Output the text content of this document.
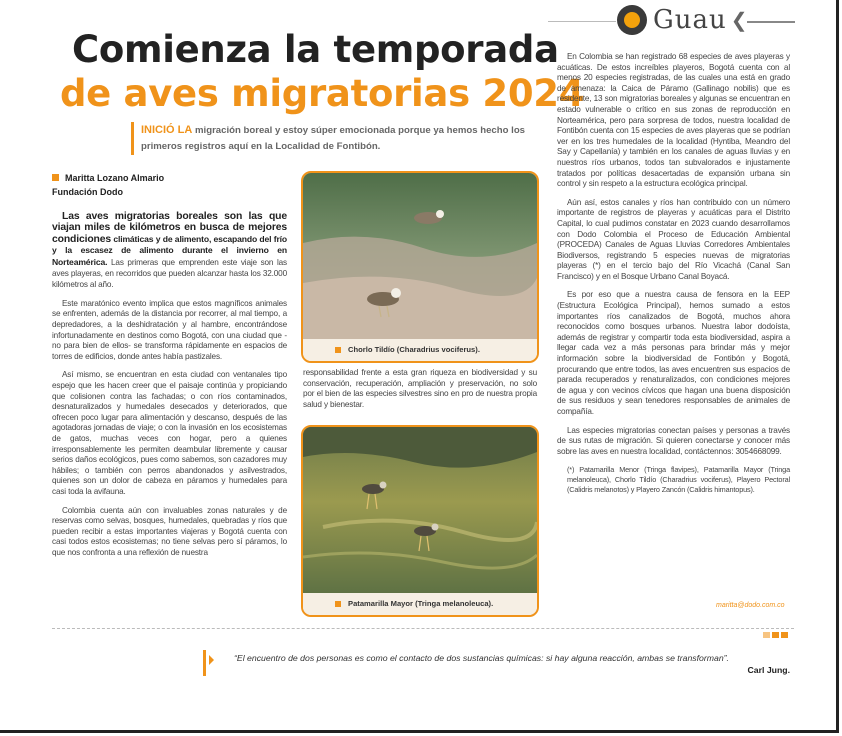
Guau ❮
Comienza la temporada
de aves migratorias 2024
INICIÓ LA migración boreal y estoy súper emocionada porque ya hemos hecho los primeros registros aquí en la Localidad de Fontibón.
Maritta Lozano Almario
Fundación Dodo

Las aves migratorias boreales son las que viajan miles de kilómetros en busca de mejores condiciones climáticas y de alimento, escapando del frío y la escasez de alimento durante el invierno en Norteamérica. Las primeras que emprenden este viaje son las aves playeras, en recorridos que pueden alcanzar hasta los 32.000 kilómetros al año.

Este maratónico evento implica que estos magníficos animales se enfrenten, además de la distancia por recorrer, al mal tiempo, a depredadores, a la deshidratación y al hambre, encontrándose infortunadamente en destinos como Bogotá, con una ciudad que -no para bien de ellos- se transforma rápidamente en espacios de torres de edificios, donde antes había pastizales.

Así mismo, se encuentran en esta ciudad con ventanales tipo espejo que les hacen creer que el paisaje continúa y propiciando que colisionen contra las fachadas; o con ríos contaminados, desnaturalizados y humedales desecados y deteriorados, que ofrecen poco lugar para alimentación y descanso, después de las agotadoras jornadas de viaje; o con la invasión en los ecosistemas de gatos, muchas veces con hogar, pero a quienes irresponsablemente les permiten deambular libremente y causar serios daños ecológicos, pues como sabemos, son cazadores muy hábiles; o también con perros abandonados y asilvestrados, quienes son un dolor de cabeza en páramos y humedales para casi toda la avifauna.

Colombia cuenta aún con invaluables zonas naturales y de reservas como selvas, bosques, humedales, quebradas y ríos que pueden recibir a estas importantes viajeras y Bogotá cuenta con casi todos estos ecosistemas; no tiene selvas pero sí páramos, lo que nos confronta a una reflexión de nuestra

Chorlo Tildío (Charadrius vociferus).

responsabilidad frente a esta gran riqueza en biodiversidad y su conservación, recuperación, ampliación y preservación, no solo por el bien de las especies silvestres sino en pro de nuestra propia salud y bienestar.

Patamarilla Mayor (Tringa melanoleuca).

En Colombia se han registrado 68 especies de aves playeras y acuáticas. De estos increíbles playeros, Bogotá cuenta con al menos 20 especies registradas, de las cuales una está en grado de amenaza: la Caica de Páramo (Gallinago nobilis) que es residente, 13 son migratorias boreales y algunas se encuentran en estado vulnerable o crítico en sus zonas de reproducción en Norteamérica, pero para sorpresa de todos, nuestra localidad de Fontibón cuenta con 15 especies de aves playeras que se podrían ver en los tres humedales de la localidad (Hyntiba, Meandro del Say y Capellanía) y también en los canales de aguas lluvias y en nuestros ríos urbanos, todos tan subvalorados e injustamente tratados por políticas desacertadas de expansión urbana sin control y sin respeto a la estructura ecológica principal.

Aún así, estos canales y ríos han contribuido con un número importante de registros de playeras y acuáticas para el Distrito Capital, lo cual pudimos constatar en 2023 cuando desarrollamos con Dodo Colombia el Proceso de Educación Ambiental (PROCEDA) Canales de Aguas Lluvias Corredores Ambientales Biodiversos, registrando 5 especies nuevas de migratorias playeras (*) en el tercio bajo del Río Vicachá (Canal San Francisco) y en el Bosque Urbano Canal Boyacá.

Es por eso que a nuestra causa de fensora en la EEP (Estructura Ecológica Principal), hemos sumado a estos importantes ríos canalizados de Bogotá, muchos ahora reconocidos como bosques urbanos. Nuestra labor dodoísta, además de registrar y compartir toda esta biodiversidad, aspira a llegar cada vez a más personas para brindar más y mejor información sobre la biodiversidad de Fontibón y Bogotá, procurando que entre todos, las aves encuentren sus espacios de parada recuperados y renaturalizados, con condiciones mejores de agua y con vecinos cívicos que hagan una buena disposición de sus residuos y sean tenedores responsables de animales de compañía.

Las especies migratorias conectan países y personas a través de sus rutas de migración. Si quieren conectarse y conocer más sobre las aves en nuestra localidad, contáctennos: 3054668099.

(*) Patamarilla Menor (Tringa flavipes), Patamarilla Mayor (Tringa melanoleuca), Chorlo Tildío (Charadrius vociferus), Playero Pectoral (Calidris melanotos) y Playero Zancón (Calidris himantopus).

maritta@dodo.com.co
“El encuentro de dos personas es como el contacto de dos sustancias químicas: si hay alguna reacción, ambas se transforman”.
Carl Jung.
